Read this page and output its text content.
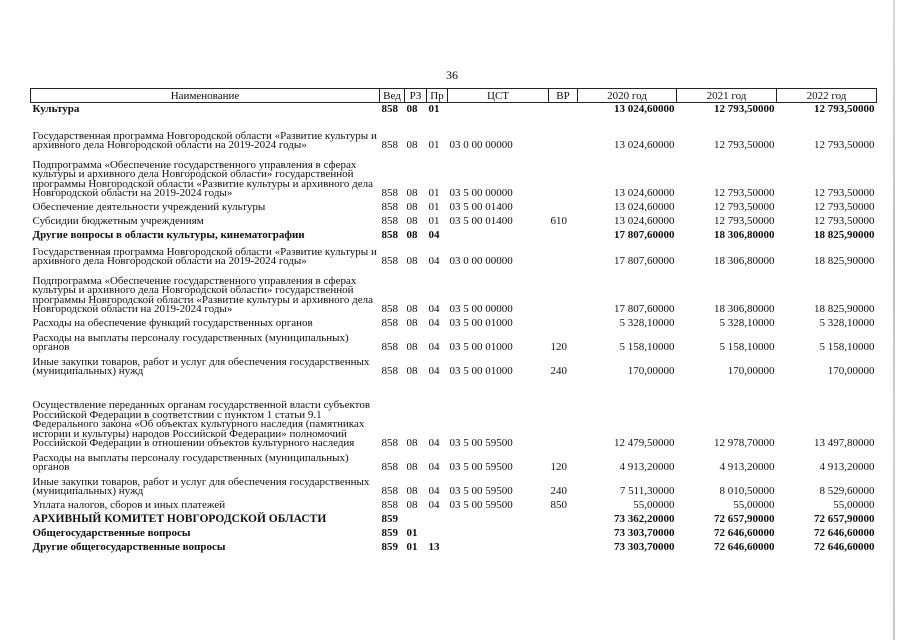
36
Наименование	Вед	РЗ	Пр	ЦСТ	ВР	2020 год	2021 год	2022 год
Культура	858	08	01			13 024,60000	12 793,50000	12 793,50000
Государственная программа Новгородской области «Развитие культуры и архивного дела Новгородской области на 2019-2024 годы»	858	08	01	03 0 00 00000		13 024,60000	12 793,50000	12 793,50000
Подпрограмма «Обеспечение государственного управления в сферах культуры и архивного дела Новгородской области» государственной программы Новгородской области «Развитие культуры и архивного дела Новгородской области на 2019-2024 годы»	858	08	01	03 5 00 00000		13 024,60000	12 793,50000	12 793,50000
Обеспечение деятельности учреждений культуры	858	08	01	03 5 00 01400		13 024,60000	12 793,50000	12 793,50000
Субсидии бюджетным учреждениям	858	08	01	03 5 00 01400	610	13 024,60000	12 793,50000	12 793,50000
Другие вопросы в области культуры, кинематографии	858	08	04			17 807,60000	18 306,80000	18 825,90000
Государственная программа Новгородской области «Развитие культуры и архивного дела Новгородской области на 2019-2024 годы»	858	08	04	03 0 00 00000		17 807,60000	18 306,80000	18 825,90000
Подпрограмма «Обеспечение государственного управления в сферах культуры и архивного дела Новгородской области» государственной программы Новгородской области «Развитие культуры и архивного дела Новгородской области на 2019-2024 годы»	858	08	04	03 5 00 00000		17 807,60000	18 306,80000	18 825,90000
Расходы на обеспечение функций государственных органов	858	08	04	03 5 00 01000		5 328,10000	5 328,10000	5 328,10000
Расходы на выплаты персоналу государственных (муниципальных) органов	858	08	04	03 5 00 01000	120	5 158,10000	5 158,10000	5 158,10000
Иные закупки товаров, работ и услуг для обеспечения государственных (муниципальных) нужд	858	08	04	03 5 00 01000	240	170,00000	170,00000	170,00000
Осуществление переданных органам государственной власти субъектов Российской Федерации в соответствии с пунктом 1 статьи 9.1 Федерального закона «Об объектах культурного наследия (памятниках истории и культуры) народов Российской Федерации» полномочий Российской Федерации в отношении объектов культурного наследия	858	08	04	03 5 00 59500		12 479,50000	12 978,70000	13 497,80000
Расходы на выплаты персоналу государственных (муниципальных) органов	858	08	04	03 5 00 59500	120	4 913,20000	4 913,20000	4 913,20000
Иные закупки товаров, работ и услуг для обеспечения государственных (муниципальных) нужд	858	08	04	03 5 00 59500	240	7 511,30000	8 010,50000	8 529,60000
Уплата налогов, сборов и иных платежей	858	08	04	03 5 00 59500	850	55,00000	55,00000	55,00000
АРХИВНЫЙ КОМИТЕТ НОВГОРОДСКОЙ ОБЛАСТИ	859					73 362,20000	72 657,90000	72 657,90000
Общегосударственные вопросы	859	01				73 303,70000	72 646,60000	72 646,60000
Другие общегосударственные вопросы	859	01	13			73 303,70000	72 646,60000	72 646,60000
